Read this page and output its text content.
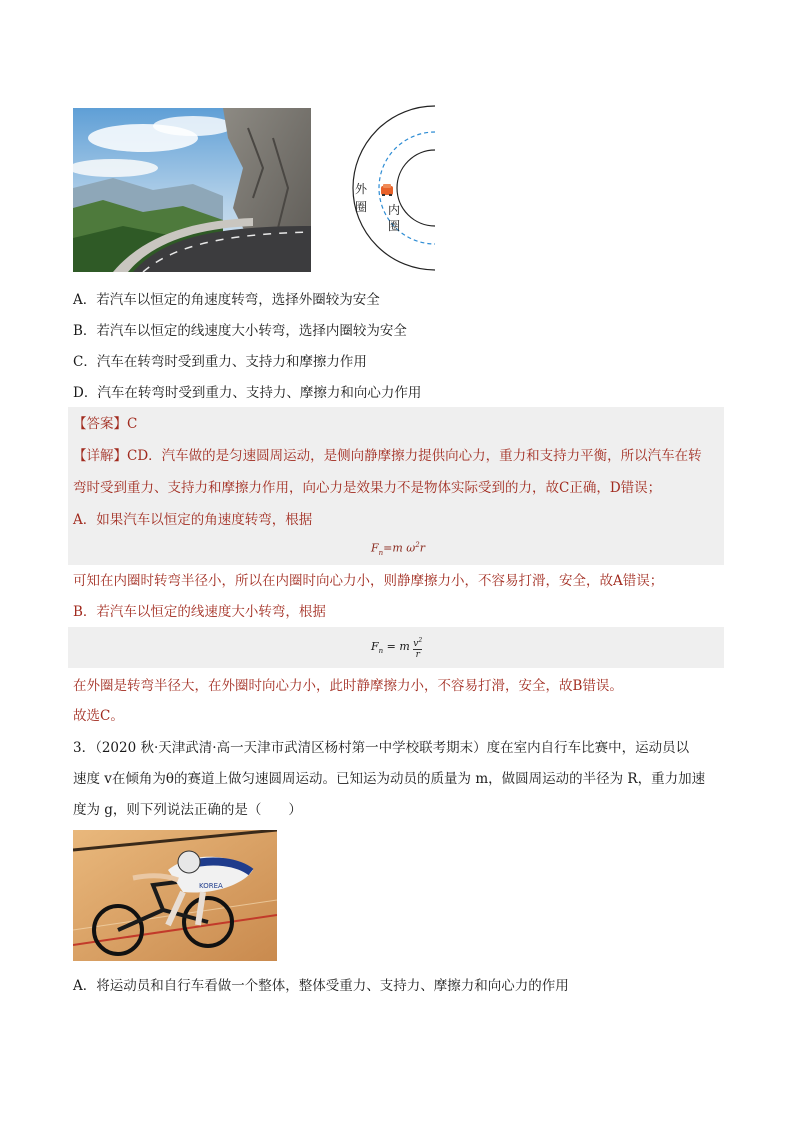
外圈 内圈
A．若汽车以恒定的角速度转弯，选择外圈较为安全
B．若汽车以恒定的线速度大小转弯，选择内圈较为安全
C．汽车在转弯时受到重力、支持力和摩擦力作用
D．汽车在转弯时受到重力、支持力、摩擦力和向心力作用
【答案】C
【详解】CD．汽车做的是匀速圆周运动，是侧向静摩擦力提供向心力，重力和支持力平衡，所以汽车在转
弯时受到重力、支持力和摩擦力作用，向心力是效果力不是物体实际受到的力，故C正确，D错误；
A．如果汽车以恒定的角速度转弯，根据
$F_n=m$ $\omega^2r$
可知在内圈时转弯半径小，所以在内圈时向心力小，则静摩擦力小，不容易打滑，安全，故A错误；
B．若汽车以恒定的线速度大小转弯，根据
$F_n = m \frac{v^2}{r}$
在外圈是转弯半径大，在外圈时向心力小，此时静摩擦力小，不容易打滑，安全，故B错误。
故选C。
3．（2020 秋·天津武清·高一天津市武清区杨村第一中学校联考期末）度在室内自行车比赛中，运动员以
速度 v在倾角为θ的赛道上做匀速圆周运动。已知运为动员的质量为 m，做圆周运动的半径为 R，重力加速
度为 g，则下列说法正确的是（　　）
KOREA
A．将运动员和自行车看做一个整体，整体受重力、支持力、摩擦力和向心力的作用
